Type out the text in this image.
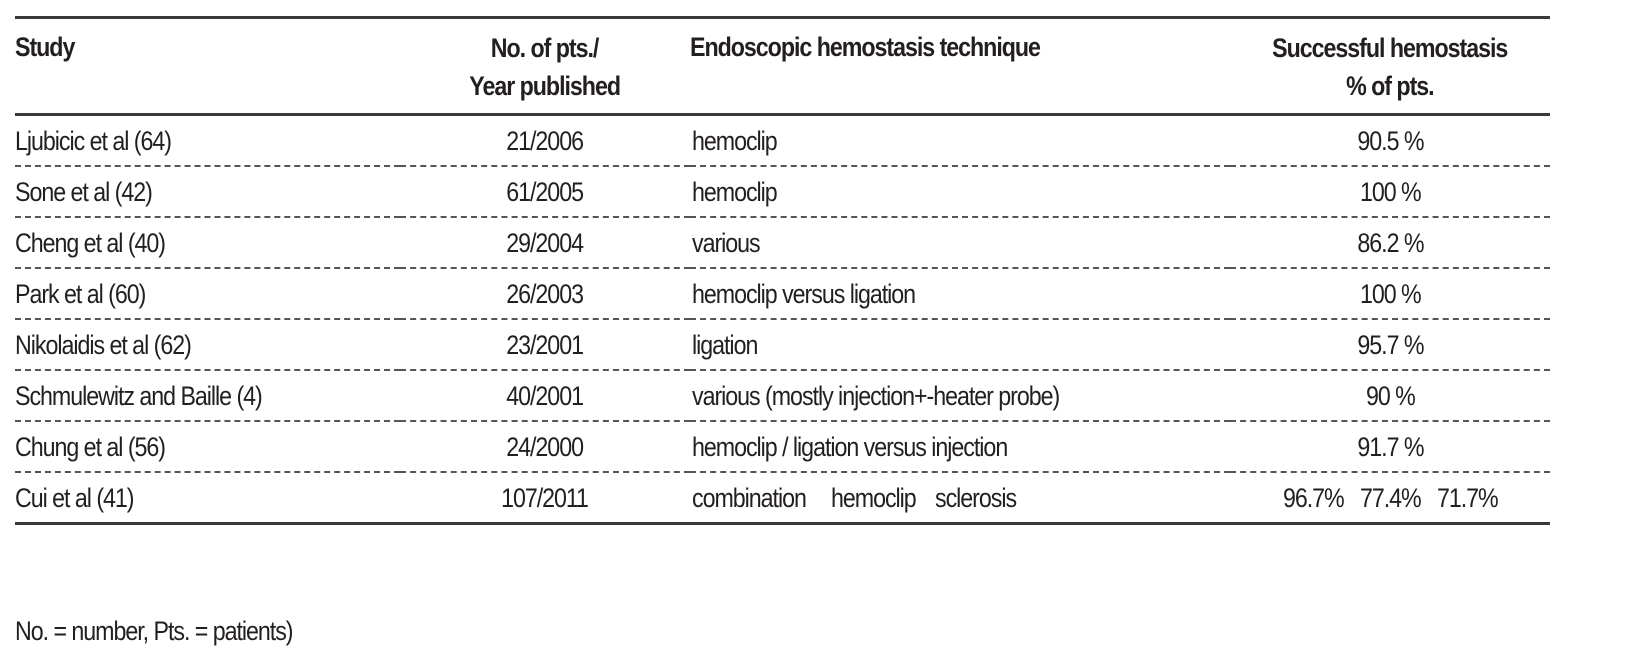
Study	No. of pts./ Year published	Endoscopic hemostasis technique	Successful hemostasis % of pts.
Ljubicic et al (64)	21/2006	hemoclip	90.5 %
Sone et al (42)	61/2005	hemoclip	100 %
Cheng et al (40)	29/2004	various	86.2 %
Park et al (60)	26/2003	hemoclip versus ligation	100 %
Nikolaidis et al (62)	23/2001	ligation	95.7 %
Schmulewitz and Baille (4)	40/2001	various (mostly injection+-heater probe)	90 %
Chung et al (56)	24/2000	hemoclip / ligation versus injection	91.7 %
Cui et al (41)	107/2011	combination hemoclip sclerosis	96.7% 77.4% 71.7%
No. = number, Pts. = patients)
